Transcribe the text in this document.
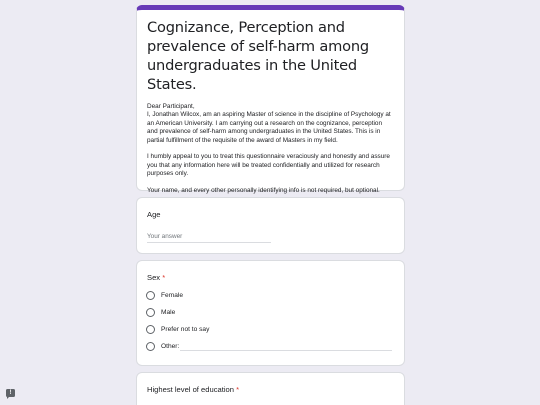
Cognizance, Perception and prevalence of self-harm among undergraduates in the United States.
Dear Participant,
I, Jonathan Wilcox, am an aspiring Master of science in the discipline of Psychology at an American University. I am carrying out a research on the cognizance, perception and prevalence of self-harm among undergraduates in the United States. This is in partial fulfillment of the requisite of the award of Masters in my field.

I humbly appeal to you to treat this questionnaire veraciously and honestly and assure you that any information here will be treated confidentially and utilized for research purposes only.

Your name, and every other personally identifying info is not required, but optional.
Age
Your answer
Sex *
Female
Male
Prefer not to say
Other:
Highest level of education *
!
